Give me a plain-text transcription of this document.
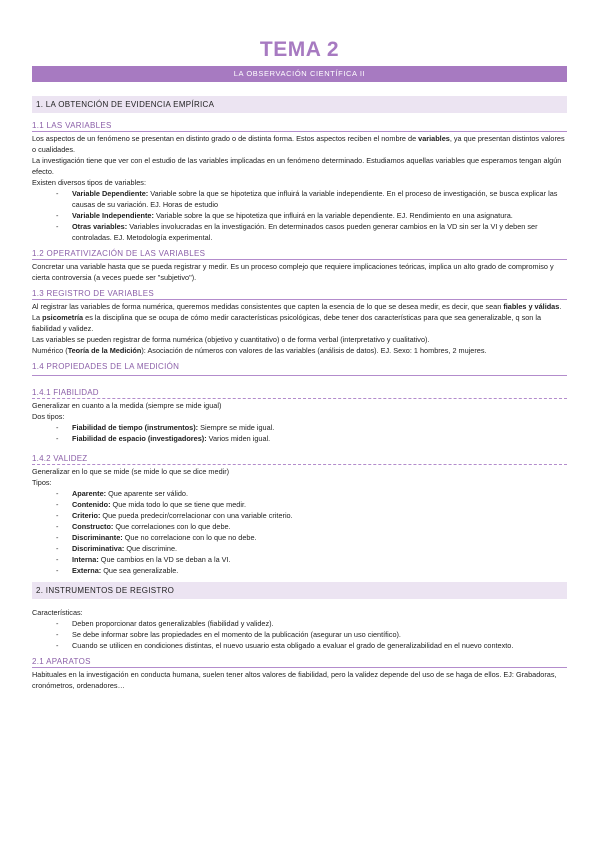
TEMA 2
LA OBSERVACIÓN CIENTÍFICA II
1. LA OBTENCIÓN DE EVIDENCIA EMPÍRICA
1.1 LAS VARIABLES

Los aspectos de un fenómeno se presentan en distinto grado o de distinta forma. Estos aspectos reciben el nombre de variables, ya que presentan distintos valores o cualidades.

La investigación tiene que ver con el estudio de las variables implicadas en un fenómeno determinado. Estudiamos aquellas variables que esperamos tengan algún efecto.

Existen diversos tipos de variables:

- Variable Dependiente: Variable sobre la que se hipotetiza que influirá la variable independiente. En el proceso de investigación, se busca explicar las causas de su variación. EJ. Horas de estudio
- Variable Independiente: Variable sobre la que se hipotetiza que influirá en la variable dependiente. EJ. Rendimiento en una asignatura.
- Otras variables: Variables involucradas en la investigación. En determinados casos pueden generar cambios en la VD sin ser la VI y deben ser controladas. EJ. Metodología experimental.
1.2 OPERATIVIZACIÓN DE LAS VARIABLES

Concretar una variable hasta que se pueda registrar y medir. Es un proceso complejo que requiere implicaciones teóricas, implica un alto grado de compromiso y cierta controversia (a veces puede ser "subjetivo").

1.3 REGISTRO DE VARIABLES

Al registrar las variables de forma numérica, queremos medidas consistentes que capten la esencia de lo que se desea medir, es decir, que sean fiables y válidas.

La psicometría es la disciplina que se ocupa de cómo medir características psicológicas, debe tener dos características para que sea generalizable, q son la fiabilidad y validez.

Las variables se pueden registrar de forma numérica (objetivo y cuantitativo) o de forma verbal (interpretativo y cualitativo).

Numérico (Teoría de la Medición): Asociación de números con valores de las variables (análisis de datos). EJ. Sexo: 1 hombres, 2 mujeres.

1.4 PROPIEDADES DE LA MEDICIÓN
1.4.1 FIABILIDAD

Generalizar en cuanto a la medida (siempre se mide igual)

Dos tipos:

- Fiabilidad de tiempo (instrumentos): Siempre se mide igual.
- Fiabilidad de espacio (investigadores): Varios miden igual.
1.4.2 VALIDEZ

Generalizar en lo que se mide (se mide lo que se dice medir)

Tipos:

- Aparente: Que aparente ser válido.
- Contenido: Que mida todo lo que se tiene que medir.
- Criterio: Que pueda predecir/correlacionar con una variable criterio.
- Constructo: Que correlaciones con lo que debe.
- Discriminante: Que no correlacione con lo que no debe.
- Discriminativa: Que discrimine.
- Interna: Que cambios en la VD se deban a la VI.
- Externa: Que sea generalizable.
2. INSTRUMENTOS DE REGISTRO

Características:

- Deben proporcionar datos generalizables (fiabilidad y validez).
- Se debe informar sobre las propiedades en el momento de la publicación (asegurar un uso científico).
- Cuando se utilicen en condiciones distintas, el nuevo usuario esta obligado a evaluar el grado de generalizabilidad en el nuevo contexto.
2.1 APARATOS

Habituales en la investigación en conducta humana, suelen tener altos valores de fiabilidad, pero la validez depende del uso de se haga de ellos. EJ: Grabadoras, cronómetros, ordenadores…
